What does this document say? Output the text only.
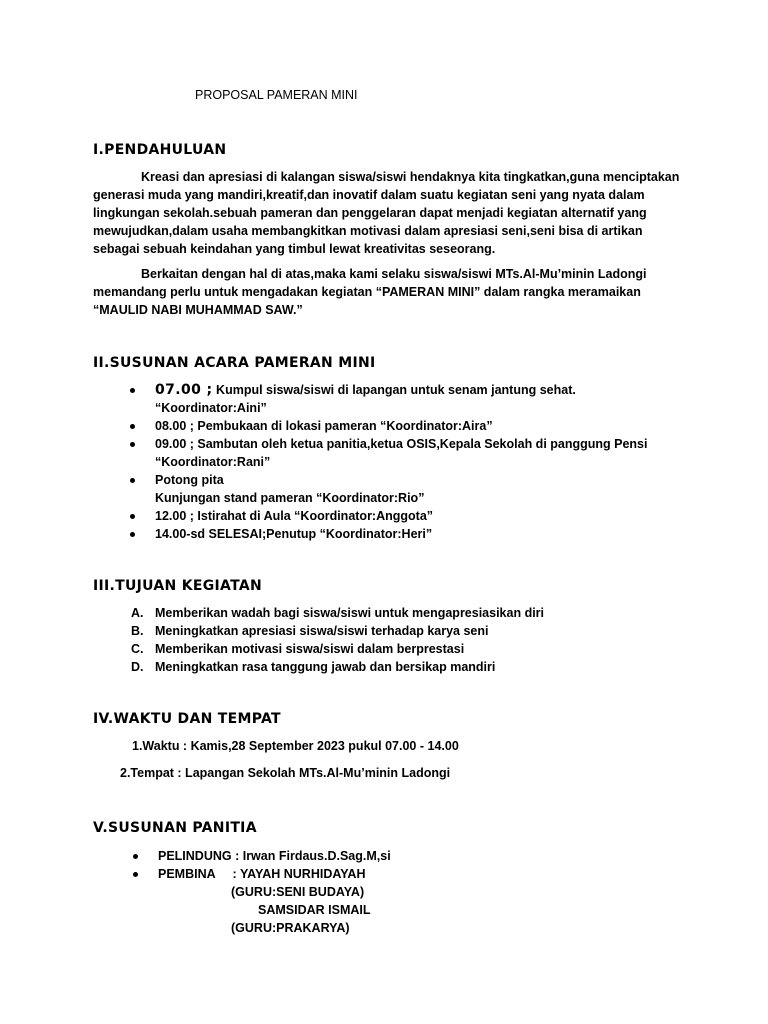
PROPOSAL PAMERAN MINI
I.PENDAHULUAN
Kreasi dan apresiasi di kalangan siswa/siswi hendaknya kita tingkatkan,guna menciptakan generasi muda yang mandiri,kreatif,dan inovatif dalam suatu kegiatan seni yang nyata dalam lingkungan sekolah.sebuah pameran dan penggelaran dapat menjadi kegiatan alternatif yang mewujudkan,dalam usaha membangkitkan motivasi dalam apresiasi seni,seni bisa di artikan sebagai sebuah keindahan yang timbul lewat kreativitas seseorang.
Berkaitan dengan hal di atas,maka kami selaku siswa/siswi MTs.Al-Mu’minin Ladongi memandang perlu untuk mengadakan kegiatan “PAMERAN MINI” dalam rangka meramaikan “MAULID NABI MUHAMMAD SAW.”
II.SUSUNAN ACARA PAMERAN MINI
07.00 ; Kumpul siswa/siswi di lapangan untuk senam jantung sehat.
“Koordinator:Aini”
08.00 ; Pembukaan di lokasi pameran “Koordinator:Aira”
09.00 ; Sambutan oleh ketua panitia,ketua OSIS,Kepala Sekolah di panggung Pensi
“Koordinator:Rani”
Potong pita
Kunjungan stand pameran “Koordinator:Rio”
12.00 ; Istirahat di Aula “Koordinator:Anggota”
14.00-sd SELESAI;Penutup “Koordinator:Heri”
III.TUJUAN KEGIATAN
A. Memberikan wadah bagi siswa/siswi untuk mengapresiasikan diri
B. Meningkatkan apresiasi siswa/siswi terhadap karya seni
C. Memberikan motivasi siswa/siswi dalam berprestasi
D. Meningkatkan rasa tanggung jawab dan bersikap mandiri
IV.WAKTU DAN TEMPAT
1.Waktu : Kamis,28 September 2023 pukul 07.00 - 14.00
2.Tempat : Lapangan Sekolah MTs.Al-Mu’minin Ladongi
V.SUSUNAN PANITIA
PELINDUNG : Irwan Firdaus.D.Sag.M,si
PEMBINA     : YAYAH NURHIDAYAH
(GURU:SENI BUDAYA)
SAMSIDAR ISMAIL
(GURU:PRAKARYA)
